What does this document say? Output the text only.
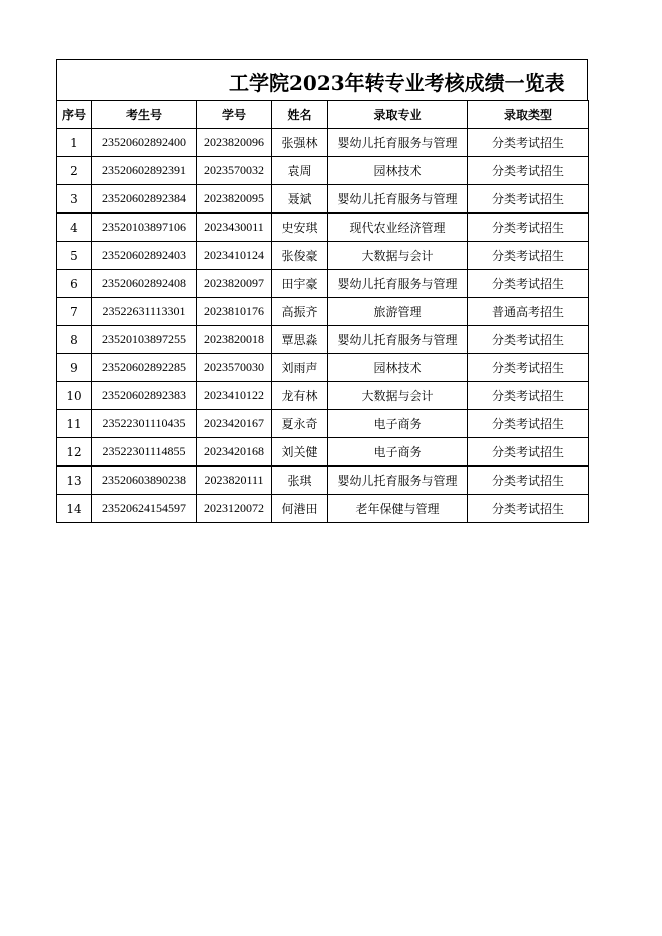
工学院2023年转专业考核成绩一览表
序号	考生号	学号	姓名	录取专业	录取类型
1	23520602892400	2023820096	张强林	婴幼儿托育服务与管理	分类考试招生
2	23520602892391	2023570032	袁周	园林技术	分类考试招生
3	23520602892384	2023820095	聂斌	婴幼儿托育服务与管理	分类考试招生
4	23520103897106	2023430011	史安琪	现代农业经济管理	分类考试招生
5	23520602892403	2023410124	张俊豪	大数据与会计	分类考试招生
6	23520602892408	2023820097	田宇豪	婴幼儿托育服务与管理	分类考试招生
7	23522631113301	2023810176	高振齐	旅游管理	普通高考招生
8	23520103897255	2023820018	覃思淼	婴幼儿托育服务与管理	分类考试招生
9	23520602892285	2023570030	刘雨声	园林技术	分类考试招生
10	23520602892383	2023410122	龙有林	大数据与会计	分类考试招生
11	23522301110435	2023420167	夏永奇	电子商务	分类考试招生
12	23522301114855	2023420168	刘关健	电子商务	分类考试招生
13	23520603890238	2023820111	张琪	婴幼儿托育服务与管理	分类考试招生
14	23520624154597	2023120072	何港田	老年保健与管理	分类考试招生
